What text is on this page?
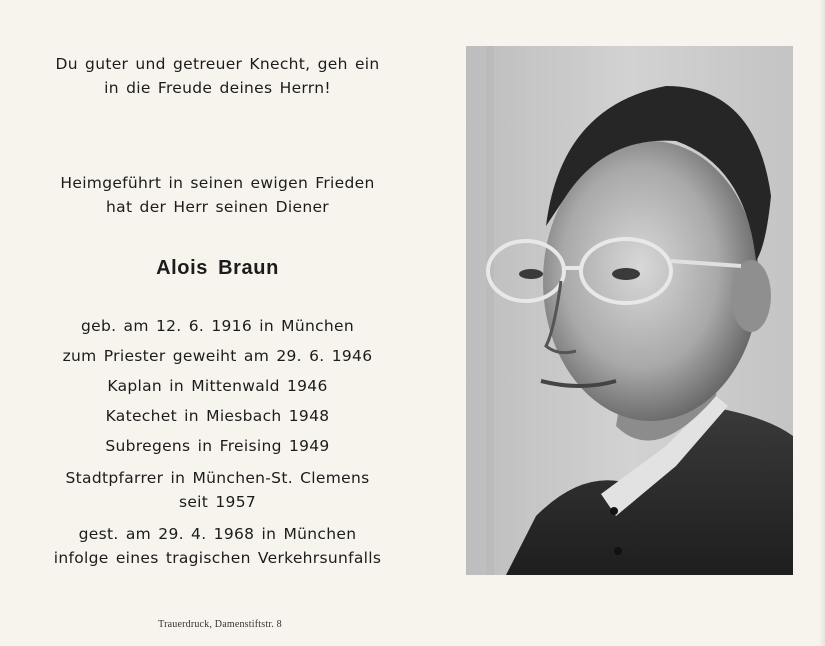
Du guter und getreuer Knecht, geh ein
in die Freude deines Herrn!
Heimgeführt in seinen ewigen Frieden
hat der Herr seinen Diener
Alois Braun
geb. am 12. 6. 1916 in München
zum Priester geweiht am 29. 6. 1946
Kaplan in Mittenwald 1946
Katechet in Miesbach 1948
Subregens in Freising 1949
Stadtpfarrer in München-St. Clemens
seit 1957
gest. am 29. 4. 1968 in München
infolge eines tragischen Verkehrsunfalls
Trauerdruck, Damenstiftstr. 8
